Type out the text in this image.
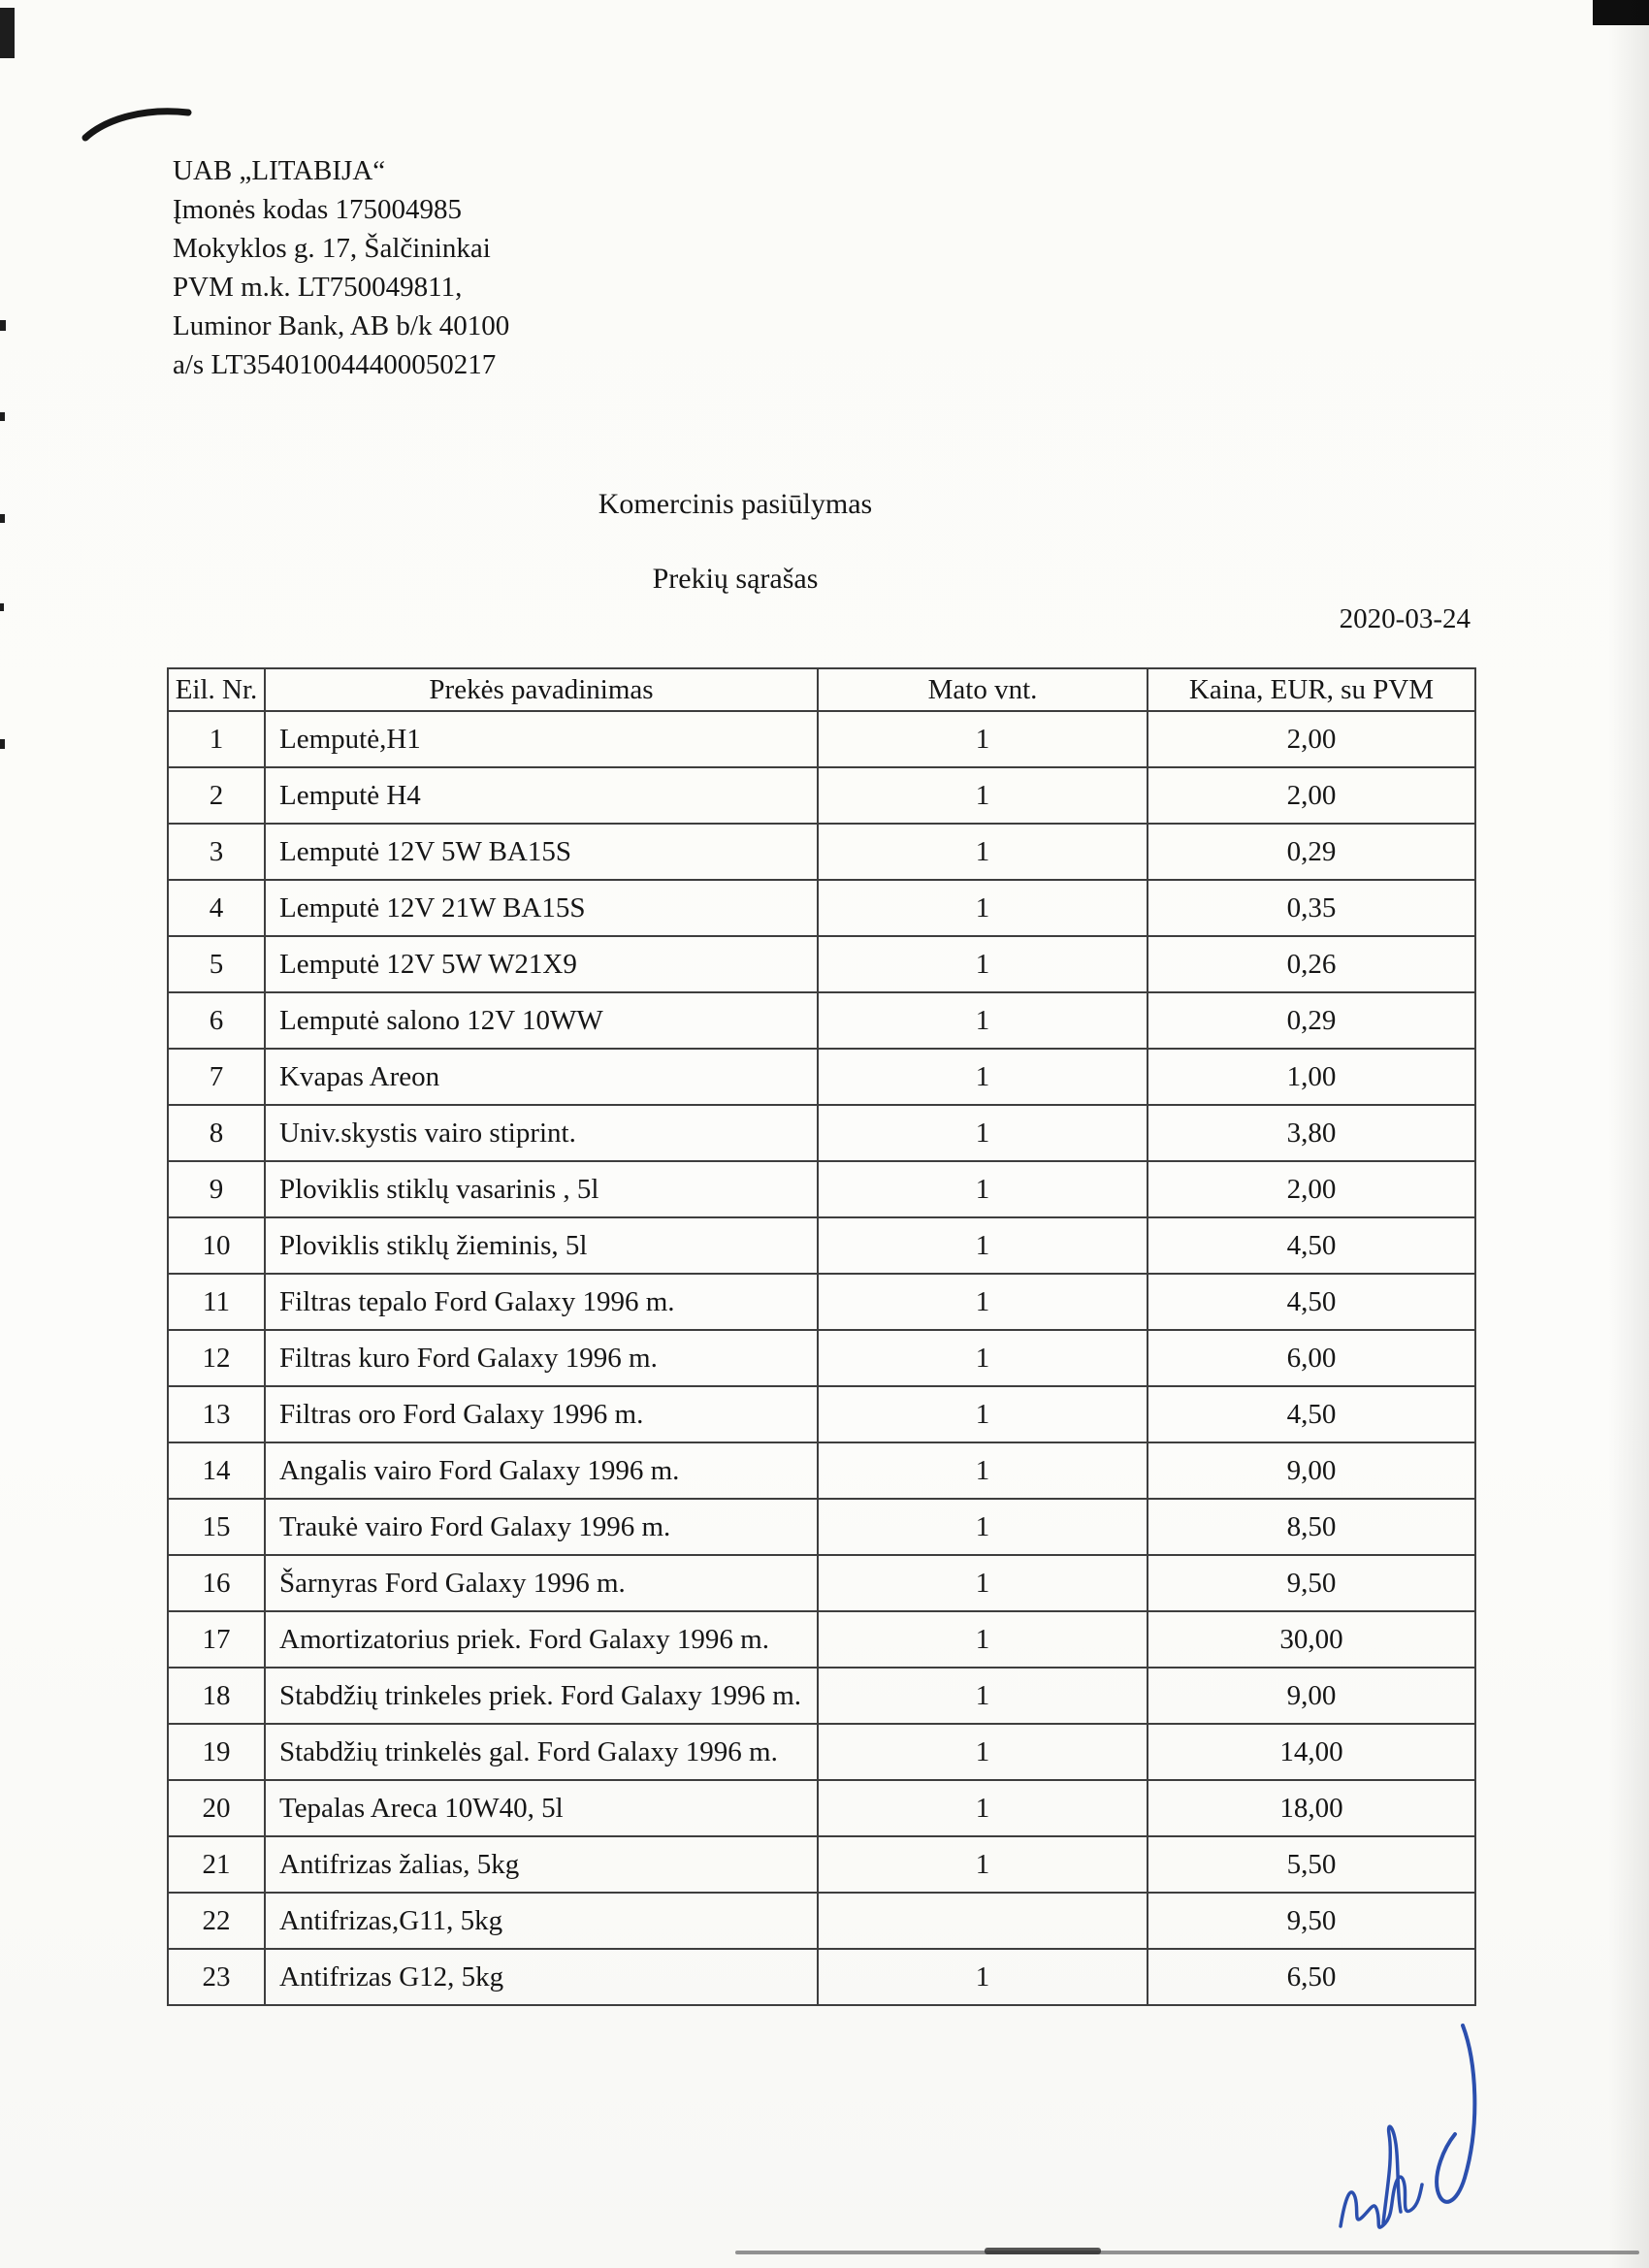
UAB „LITABIJA“
Įmonės kodas 175004985
Mokyklos g. 17, Šalčininkai
PVM m.k. LT750049811,
Luminor Bank, AB b/k 40100
a/s LT354010044400050217
Komercinis pasiūlymas
Prekių sąrašas
2020-03-24
Eil. Nr.	Prekės pavadinimas	Mato vnt.	Kaina, EUR, su PVM
1	Lemputė,H1	1	2,00
2	Lemputė H4	1	2,00
3	Lemputė 12V 5W BA15S	1	0,29
4	Lemputė 12V 21W BA15S	1	0,35
5	Lemputė 12V 5W W21X9	1	0,26
6	Lemputė salono 12V 10WW	1	0,29
7	Kvapas Areon	1	1,00
8	Univ.skystis vairo stiprint.	1	3,80
9	Ploviklis stiklų vasarinis , 5l	1	2,00
10	Ploviklis stiklų žieminis, 5l	1	4,50
11	Filtras tepalo Ford Galaxy 1996 m.	1	4,50
12	Filtras kuro Ford Galaxy 1996 m.	1	6,00
13	Filtras oro Ford Galaxy 1996 m.	1	4,50
14	Angalis vairo Ford Galaxy 1996 m.	1	9,00
15	Traukė vairo Ford Galaxy 1996 m.	1	8,50
16	Šarnyras Ford Galaxy 1996 m.	1	9,50
17	Amortizatorius priek. Ford Galaxy 1996 m.	1	30,00
18	Stabdžių trinkeles priek. Ford Galaxy 1996 m.	1	9,00
19	Stabdžių trinkelės gal. Ford Galaxy 1996 m.	1	14,00
20	Tepalas Areca 10W40, 5l	1	18,00
21	Antifrizas žalias, 5kg	1	5,50
22	Antifrizas,G11, 5kg		9,50
23	Antifrizas G12, 5kg	1	6,50
